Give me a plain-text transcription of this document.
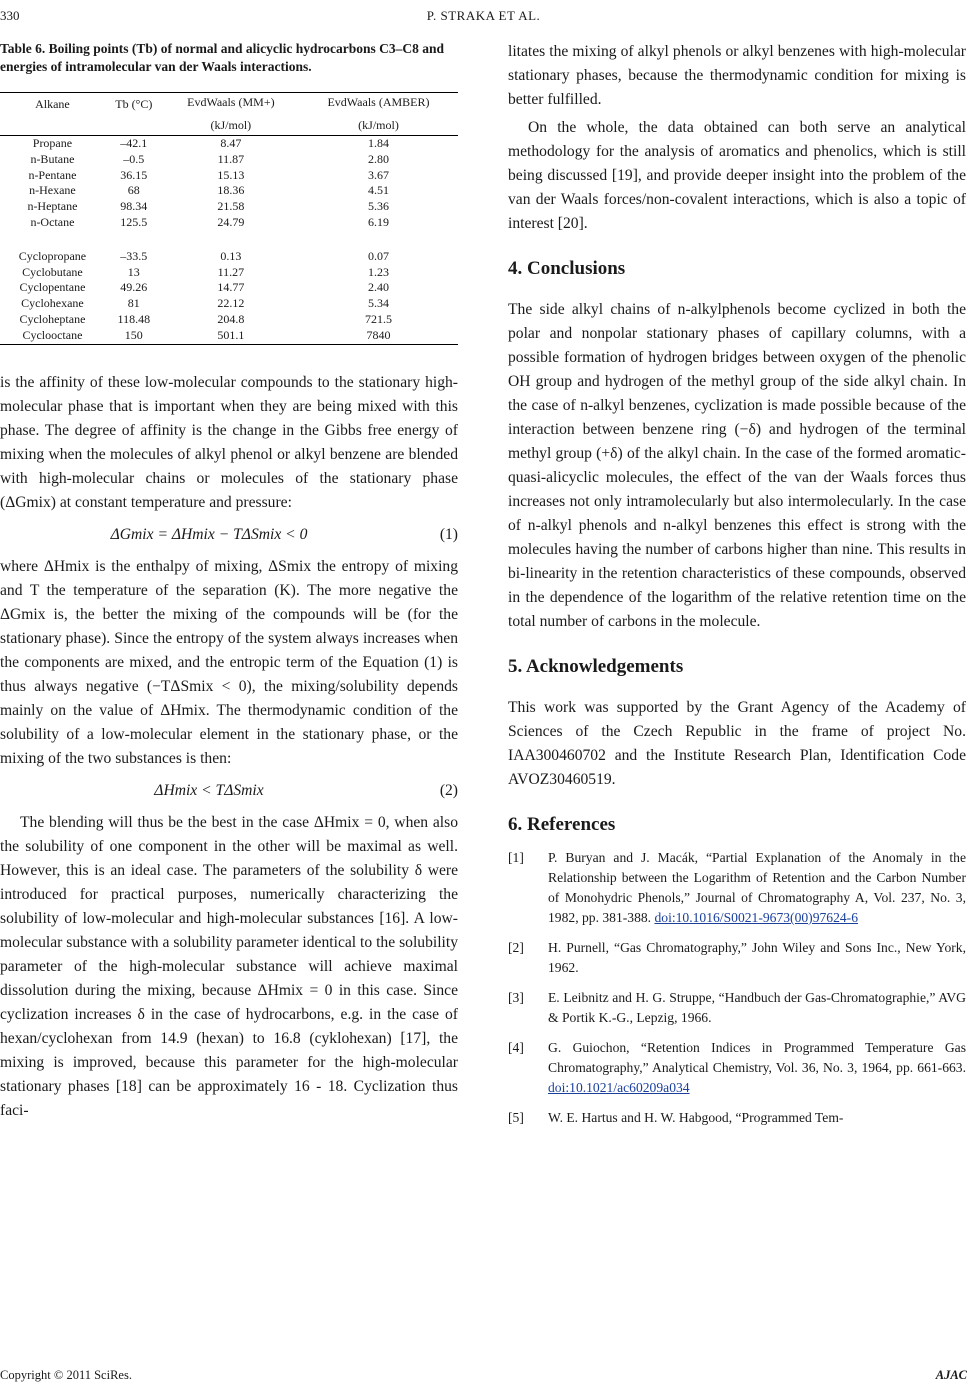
330	P. STRAKA ET AL.
Table 6. Boiling points (Tb) of normal and alicyclic hydrocarbons C3–C8 and energies of intramolecular van der Waals interactions.
Alkane	Tb (°C)	EvdWaals (MM+)	EvdWaals (AMBER)

		(kJ/mol)	(kJ/mol)
Propane	–42.1	8.47	1.84
n-Butane	–0.5	11.87	2.80
n-Pentane	36.15	15.13	3.67
n-Hexane	68	18.36	4.51
n-Heptane	98.34	21.58	5.36
n-Octane	125.5	24.79	6.19

Cyclopropane	–33.5	0.13	0.07
Cyclobutane	13	11.27	1.23
Cyclopentane	49.26	14.77	2.40
Cyclohexane	81	22.12	5.34
Cycloheptane	118.48	204.8	721.5
Cyclooctane	150	501.1	7840

is the affinity of these low-molecular compounds to the stationary high-molecular phase that is important when they are being mixed with this phase. The degree of affinity is the change in the Gibbs free energy of mixing when the molecules of alkyl phenol or alkyl benzene are blended with high-molecular chains or molecules of the stationary phase (ΔGmix) at constant temperature and pressure:

ΔGmix = ΔHmix − TΔSmix < 0	(1)

where ΔHmix is the enthalpy of mixing, ΔSmix the entropy of mixing and T the temperature of the separation (K). The more negative the ΔGmix is, the better the mixing of the compounds will be (for the stationary phase). Since the entropy of the system always increases when the components are mixed, and the entropic term of the Equation (1) is thus always negative (−TΔSmix < 0), the mixing/solubility depends mainly on the value of ΔHmix. The thermodynamic condition of the solubility of a low-molecular element in the stationary phase, or the mixing of the two substances is then:

ΔHmix < TΔSmix	(2)

The blending will thus be the best in the case ΔHmix = 0, when also the solubility of one component in the other will be maximal as well. However, this is an ideal case. The parameters of the solubility δ were introduced for practical purposes, numerically characterizing the solubility of low-molecular and high-molecular substances [16]. A low-molecular substance with a solubility parameter identical to the solubility parameter of the high-molecular substance will achieve maximal dissolution during the mixing, because ΔHmix = 0 in this case. Since cyclization increases δ in the case of hydrocarbons, e.g. in the case of hexan/cyclohexan from 14.9 (hexan) to 16.8 (cyklohexan) [17], the mixing is improved, because this parameter for the high-molecular stationary phases [18] can be approximately 16 - 18. Cyclization thus faci-

litates the mixing of alkyl phenols or alkyl benzenes with high-molecular stationary phases, because the thermodynamic condition for mixing is better fulfilled.

On the whole, the data obtained can both serve an analytical methodology for the analysis of aromatics and phenolics, which is still being discussed [19], and provide deeper insight into the problem of the van der Waals forces/non-covalent interactions, which is also a topic of interest [20].

4. Conclusions

The side alkyl chains of n-alkylphenols become cyclized in both the polar and nonpolar stationary phases of capillary columns, with a possible formation of hydrogen bridges between oxygen of the phenolic OH group and hydrogen of the methyl group of the side alkyl chain. In the case of n-alkyl benzenes, cyclization is made possible because of the interaction between benzene ring (−δ) and hydrogen of the terminal methyl group (+δ) of the alkyl chain. In the case of the formed aromatic-quasi-alicyclic molecules, the effect of the van der Waals forces thus increases not only intramolecularly but also intermolecularly. In the case of n-alkyl phenols and n-alkyl benzenes this effect is strong with the molecules having the number of carbons higher than nine. This results in bi-linearity in the retention characteristics of these compounds, observed in the dependence of the logarithm of the relative retention time on the total number of carbons in the molecule.

5. Acknowledgements

This work was supported by the Grant Agency of the Academy of Sciences of the Czech Republic in the frame of project No. IAA300460702 and the Institute Research Plan, Identification Code AVOZ30460519.

6. References
[1]	P. Buryan and J. Macák, “Partial Explanation of the Anomaly in the Relationship between the Logarithm of Retention and the Carbon Number of Monohydric Phenols,” Journal of Chromatography A, Vol. 237, No. 3, 1982, pp. 381-388. doi:10.1016/S0021-9673(00)97624-6
[2]	H. Purnell, “Gas Chromatography,” John Wiley and Sons Inc., New York, 1962.
[3]	E. Leibnitz and H. G. Struppe, “Handbuch der Gas-Chromatographie,” AVG & Portik K.-G., Lepzig, 1966.
[4]	G. Guiochon, “Retention Indices in Programmed Temperature Gas Chromatography,” Analytical Chemistry, Vol. 36, No. 3, 1964, pp. 661-663. doi:10.1021/ac60209a034
[5]	W. E. Hartus and H. W. Habgood, “Programmed Tem-
Copyright © 2011 SciRes.	AJAC
